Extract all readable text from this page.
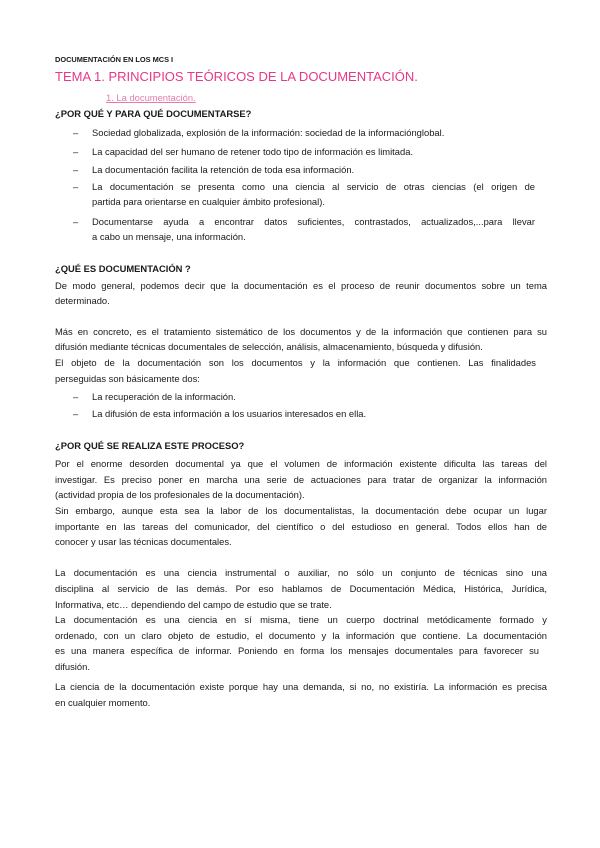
DOCUMENTACIÓN EN LOS MCS I
TEMA 1. PRINCIPIOS TEÓRICOS DE LA DOCUMENTACIÓN.
1. La documentación.
¿POR QUÉ Y PARA QUÉ DOCUMENTARSE?
– Sociedad globalizada, explosión de la información: sociedad de la informaciónglobal.
– La capacidad del ser humano de retener todo tipo de información es limitada.
– La documentación facilita la retención de toda esa información.
– La documentación se presenta como una ciencia al servicio de otras ciencias (el origen de
partida para orientarse en cualquier ámbito profesional).
– Documentarse ayuda a encontrar datos suficientes, contrastados, actualizados,...para llevar
a cabo un mensaje, una información.
¿QUÉ ES DOCUMENTACIÓN ?
De modo general, podemos decir que la documentación es el proceso de reunir documentos sobre un tema
determinado.
Más en concreto, es el tratamiento sistemático de los documentos y de la información que contienen para su
difusión mediante técnicas documentales de selección, análisis, almacenamiento, búsqueda y difusión.
El objeto de la documentación son los documentos y la información que contienen. Las finalidades
perseguidas son básicamente dos:
– La recuperación de la información.
– La difusión de esta información a los usuarios interesados en ella.
¿POR QUÉ SE REALIZA ESTE PROCESO?
Por el enorme desorden documental ya que el volumen de información existente dificulta las tareas del
investigar. Es preciso poner en marcha una serie de actuaciones para tratar de organizar la información
(actividad propia de los profesionales de la documentación).
Sin embargo, aunque esta sea la labor de los documentalistas, la documentación debe ocupar un lugar
importante en las tareas del comunicador, del científico o del estudioso en general. Todos ellos han de
conocer y usar las técnicas documentales.
La documentación es una ciencia instrumental o auxiliar, no sólo un conjunto de técnicas sino una
disciplina al servicio de las demás. Por eso hablamos de Documentación Médica, Histórica, Jurídica,
Informativa, etc… dependiendo del campo de estudio que se trate.
La documentación es una ciencia en sí misma, tiene un cuerpo doctrinal metódicamente formado y
ordenado, con un claro objeto de estudio, el documento y la información que contiene. La documentación
es una manera específica de informar. Poniendo en forma los mensajes documentales para favorecer su
difusión.
La ciencia de la documentación existe porque hay una demanda, si no, no existiría. La información es precisa
en cualquier momento.
